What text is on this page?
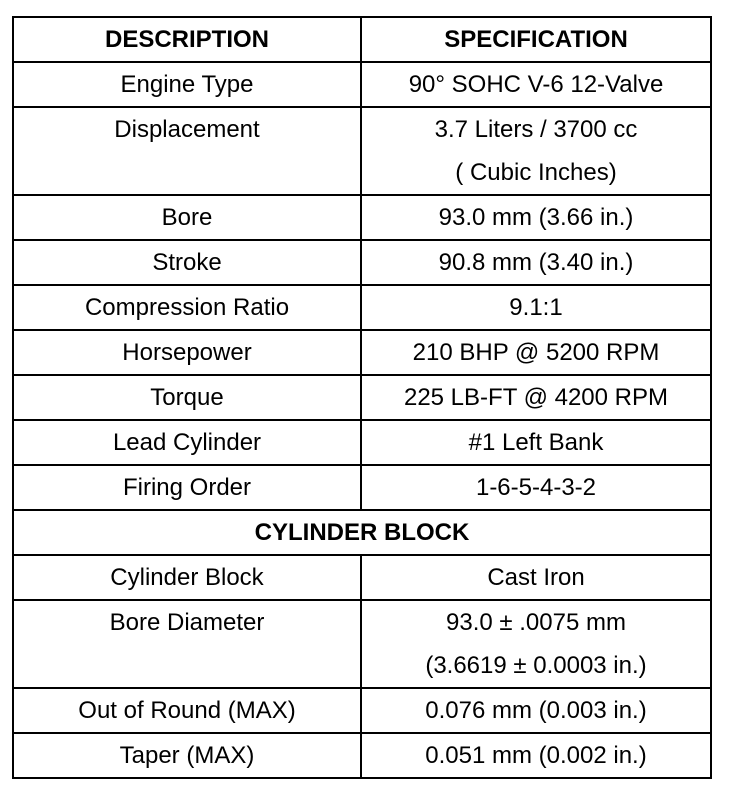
DESCRIPTION	SPECIFICATION
Engine Type	90° SOHC V-6 12-Valve

Displacement	3.7 Liters / 3700 cc
( Cubic Inches)

Bore	93.0 mm (3.66 in.)

Stroke	90.8 mm (3.40 in.)

Compression Ratio	9.1:1

Horsepower	210 BHP @ 5200 RPM

Torque	225 LB-FT @ 4200 RPM

Lead Cylinder	#1 Left Bank

Firing Order	1-6-5-4-3-2

CYLINDER BLOCK	
Cylinder Block	Cast Iron

Bore Diameter	93.0 ± .0075 mm
(3.6619 ± 0.0003 in.)

Out of Round (MAX)	0.076 mm (0.003 in.)

Taper (MAX)	0.051 mm (0.002 in.)
